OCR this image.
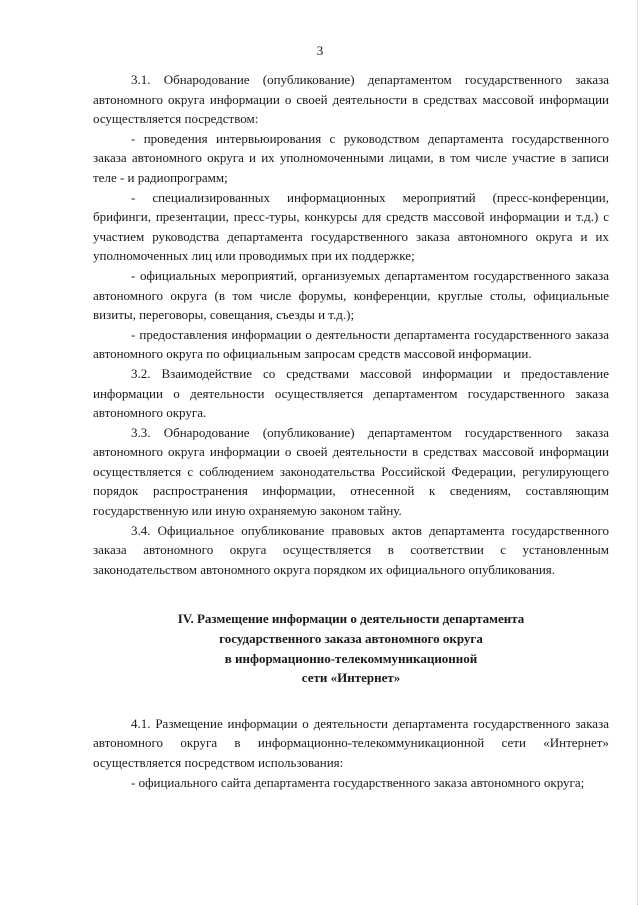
3

3.1. Обнародование (опубликование) департаментом государственного заказа автономного округа информации о своей деятельности в средствах массовой информации осуществляется посредством:

- проведения интервьюирования с руководством департамента государственного заказа автономного округа и их уполномоченными лицами, в том числе участие в записи теле - и радиопрограмм;

- специализированных информационных мероприятий (пресс-конференции, брифинги, презентации, пресс-туры, конкурсы для средств массовой информации и т.д.) с участием руководства департамента государственного заказа автономного округа и их уполномоченных лиц или проводимых при их поддержке;

- официальных мероприятий, организуемых департаментом государственного заказа автономного округа (в том числе форумы, конференции, круглые столы, официальные визиты, переговоры, совещания, съезды и т.д.);

- предоставления информации о деятельности департамента государственного заказа автономного округа по официальным запросам средств массовой информации.

3.2. Взаимодействие со средствами массовой информации и предоставление информации о деятельности осуществляется департаментом государственного заказа автономного округа.

3.3. Обнародование (опубликование) департаментом государственного заказа автономного округа информации о своей деятельности в средствах массовой информации осуществляется с соблюдением законодательства Российской Федерации, регулирующего порядок распространения информации, отнесенной к сведениям, составляющим государственную или иную охраняемую законом тайну.

3.4. Официальное опубликование правовых актов департамента государственного заказа автономного округа осуществляется в соответствии с установленным законодательством автономного округа порядком их официального опубликования.

IV. Размещение информации о деятельности департамента
государственного заказа автономного округа
в информационно-телекоммуникационной
сети «Интернет»

4.1. Размещение информации о деятельности департамента государственного заказа автономного округа в информационно-телекоммуникационной сети «Интернет» осуществляется посредством использования:

- официального сайта департамента государственного заказа автономного округа;
